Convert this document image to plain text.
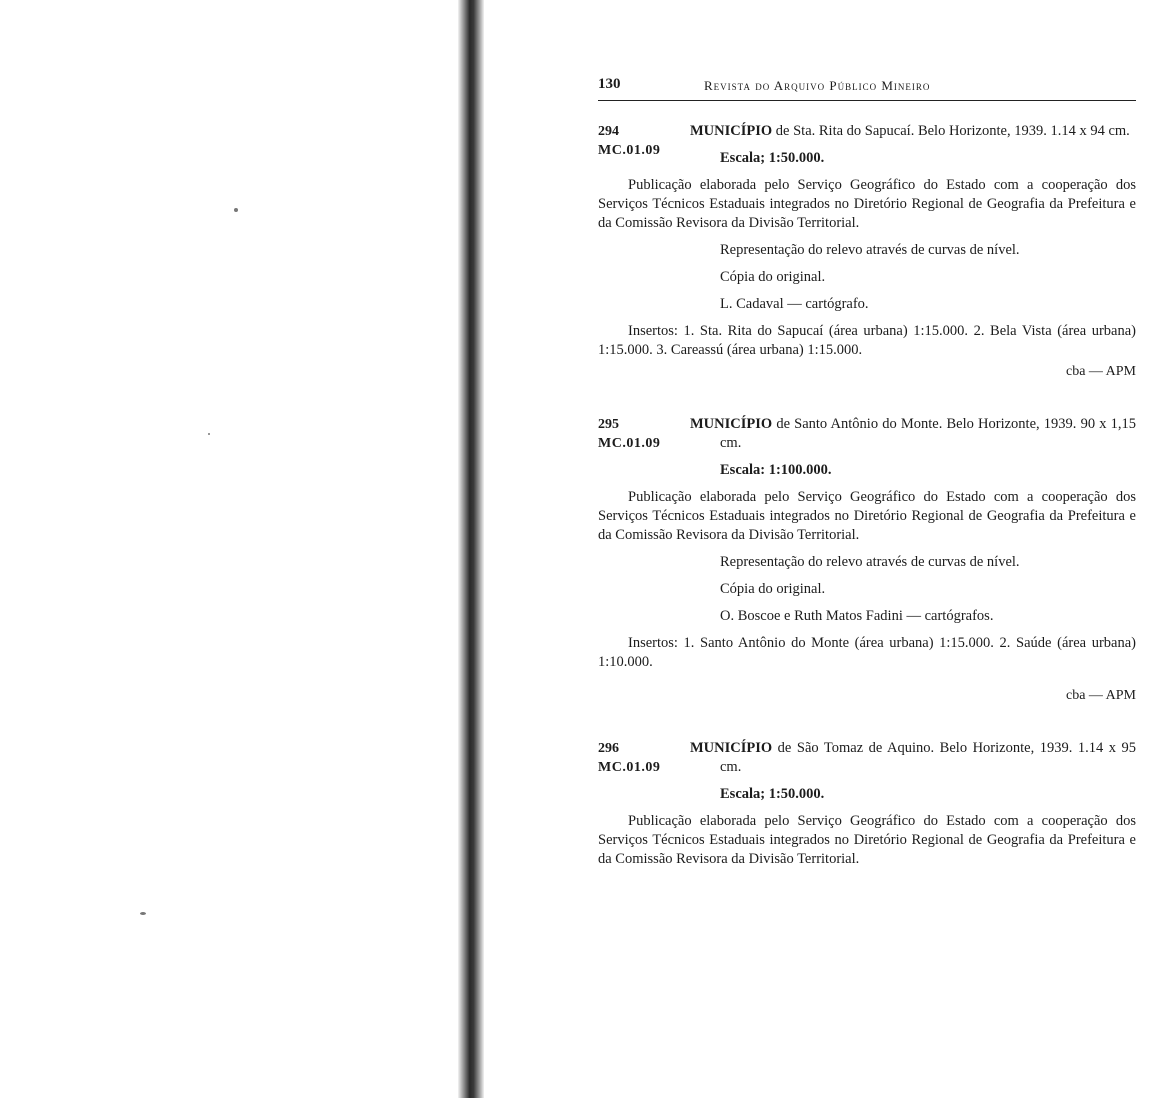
130	Revista do Arquivo Público Mineiro
294
MC.01.09
MUNICÍPIO de Sta. Rita do Sapucaí. Belo Horizonte, 1939. 1.14 x 94 cm.
Escala; 1:50.000.
Publicação elaborada pelo Serviço Geográfico do Estado com a cooperação dos Serviços Técnicos Estaduais integrados no Diretório Regional de Geografia da Prefeitura e da Comissão Revisora da Divisão Territorial.
Representação do relevo através de curvas de nível.
Cópia do original.
L. Cadaval — cartógrafo.
Insertos: 1. Sta. Rita do Sapucaí (área urbana) 1:15.000. 2. Bela Vista (área urbana) 1:15.000. 3. Careassú (área urbana) 1:15.000.
cba — APM
295
MC.01.09
MUNICÍPIO de Santo Antônio do Monte. Belo Horizonte, 1939. 90 x 1,15 cm.
Escala: 1:100.000.
Publicação elaborada pelo Serviço Geográfico do Estado com a cooperação dos Serviços Técnicos Estaduais integrados no Diretório Regional de Geografia da Prefeitura e da Comissão Revisora da Divisão Territorial.
Representação do relevo através de curvas de nível.
Cópia do original.
O. Boscoe e Ruth Matos Fadini — cartógrafos.
Insertos: 1. Santo Antônio do Monte (área urbana) 1:15.000. 2. Saúde (área urbana) 1:10.000.
cba — APM
296
MC.01.09
MUNICÍPIO de São Tomaz de Aquino. Belo Horizonte, 1939. 1.14 x 95 cm.
Escala; 1:50.000.
Publicação elaborada pelo Serviço Geográfico do Estado com a cooperação dos Serviços Técnicos Estaduais integrados no Diretório Regional de Geografia da Prefeitura e da Comissão Revisora da Divisão Territorial.
